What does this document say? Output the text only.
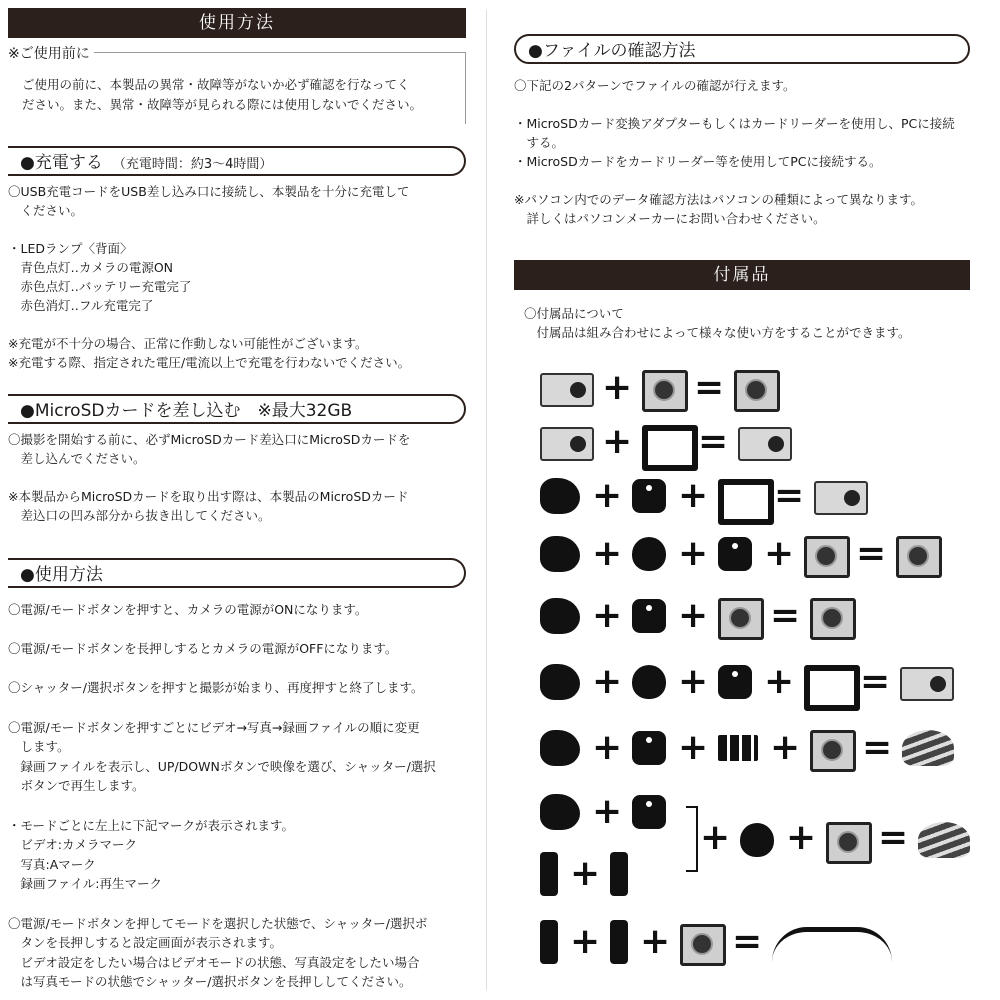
使用方法
※ご使用前に
ご使用の前に、本製品の異常・故障等がないか必ず確認を行なってく
ださい。また、異常・故障等が見られる際には使用しないでください。
●充電する （充電時間：約3～4時間）
〇USB充電コードをUSB差し込み口に接続し、本製品を十分に充電して
　ください。

・LEDランプ〈背面〉
　青色点灯‥カメラの電源ON
　赤色点灯‥バッテリー充電完了
　赤色消灯‥フル充電完了

※充電が不十分の場合、正常に作動しない可能性がございます。
※充電する際、指定された電圧/電流以上で充電を行わないでください。
●MicroSDカードを差し込む　※最大32GB
〇撮影を開始する前に、必ずMicroSDカード差込口にMicroSDカードを
　差し込んでください。

※本製品からMicroSDカードを取り出す際は、本製品のMicroSDカード
　差込口の凹み部分から抜き出してください。
●使用方法
〇電源/モードボタンを押すと、カメラの電源がONになります。

〇電源/モードボタンを長押しするとカメラの電源がOFFになります。

〇シャッター/選択ボタンを押すと撮影が始まり、再度押すと終了します。

〇電源/モードボタンを押すごとにビデオ→写真→録画ファイルの順に変更
　します。
　録画ファイルを表示し、UP/DOWNボタンで映像を選び、シャッター/選択
　ボタンで再生します。

・モードごとに左上に下記マークが表示されます。
　ビデオ:カメラマーク
　写真:Aマーク
　録画ファイル:再生マーク

〇電源/モードボタンを押してモードを選択した状態で、シャッター/選択ボ
　タンを長押しすると設定画面が表示されます。
　ビデオ設定をしたい場合はビデオモードの状態、写真設定をしたい場合
　は写真モードの状態でシャッター/選択ボタンを長押ししてください。
●ファイルの確認方法
〇下記の2パターンでファイルの確認が行えます。

・MicroSDカード変換アダプターもしくはカードリーダーを使用し、PCに接続
　する。
・MicroSDカードをカードリーダー等を使用してPCに接続する。

※パソコン内でのデータ確認方法はパソコンの種類によって異なります。
　詳しくはパソコンメーカーにお問い合わせください。
付属品
〇付属品について
　付属品は組み合わせによって様々な使い方をすることができます。
+ =
+ =
+ + =
+ + + =
+ + =
+ + + =
+ + + =
+
+
+ + =
+ + =
